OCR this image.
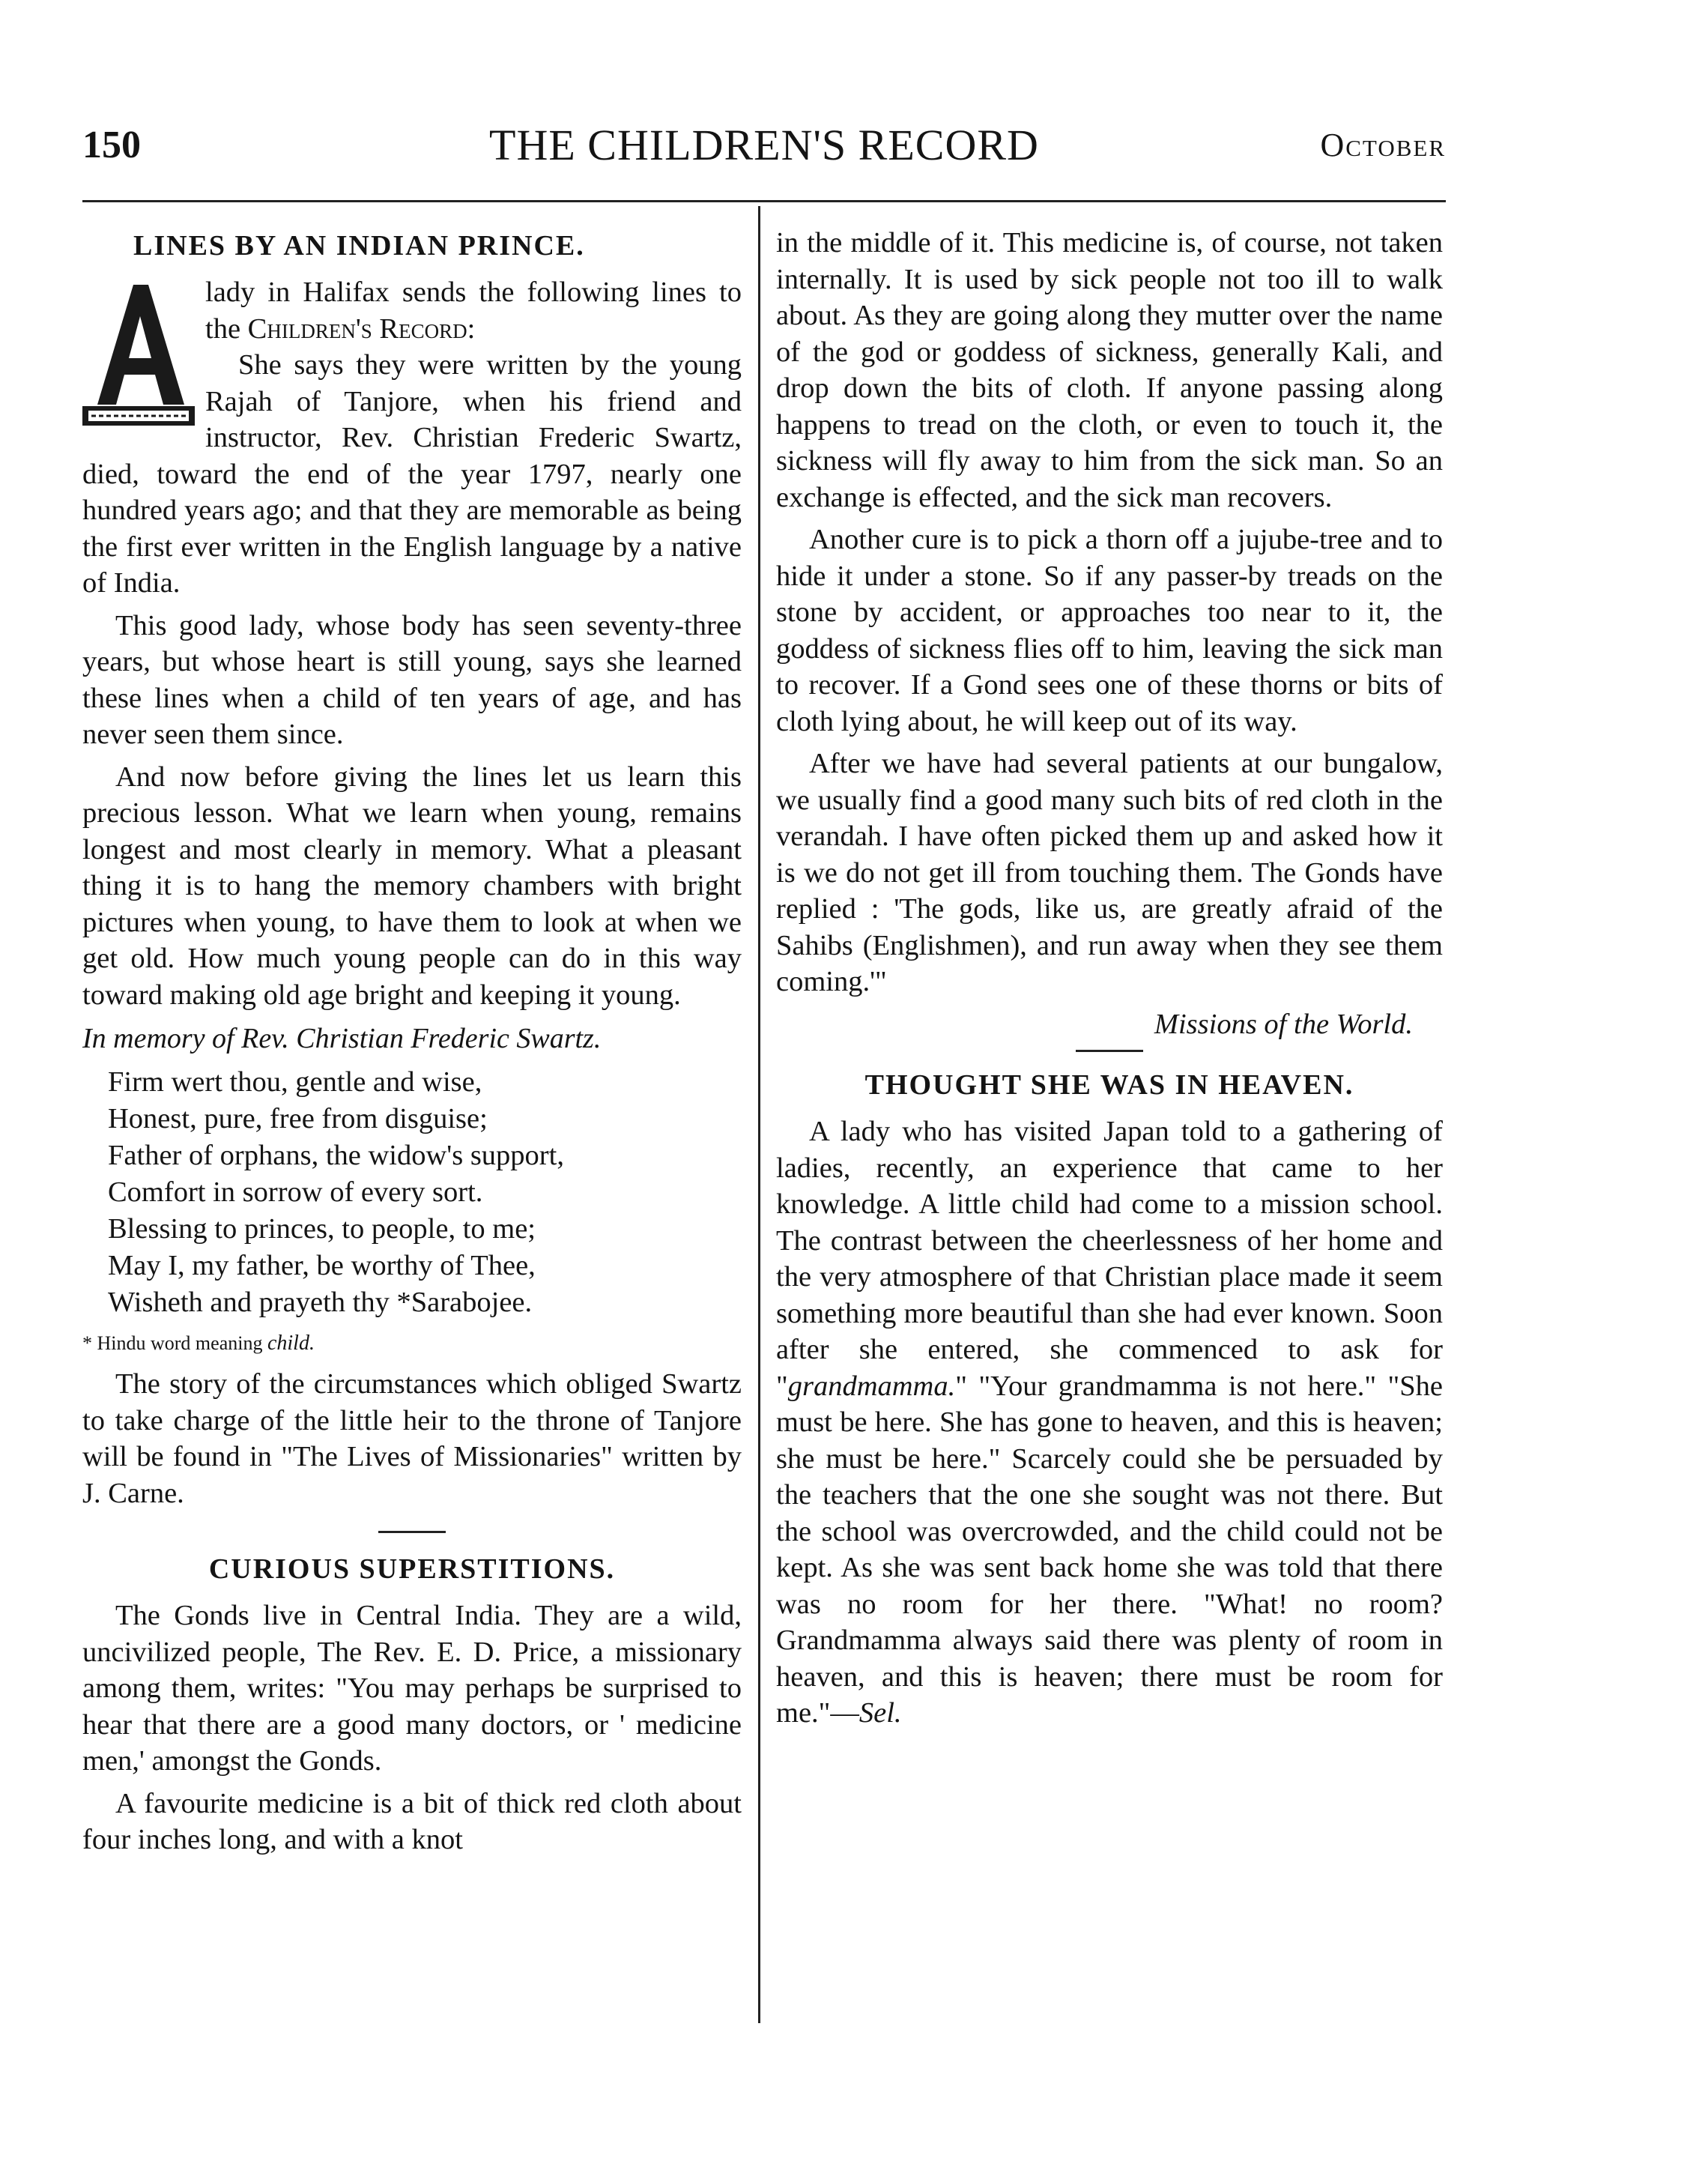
150	THE CHILDREN'S RECORD	October
LINES BY AN INDIAN PRINCE.

A
lady in Halifax sends the following lines to the Children's Record:
She says they were written by the young Rajah of Tanjore, when his friend and instructor, Rev. Christian Frederic Swartz, died, toward the end of the year 1797, nearly one hundred years ago; and that they are memorable as being the first ever written in the English language by a native of India.

This good lady, whose body has seen seventy-three years, but whose heart is still young, says she learned these lines when a child of ten years of age, and has never seen them since.

And now before giving the lines let us learn this precious lesson. What we learn when young, remains longest and most clearly in memory. What a pleasant thing it is to hang the memory chambers with bright pictures when young, to have them to look at when we get old. How much young people can do in this way toward making old age bright and keeping it young.

In memory of Rev. Christian Frederic Swartz.
Firm wert thou, gentle and wise,
Honest, pure, free from disguise;
Father of orphans, the widow's support,
Comfort in sorrow of every sort.
Blessing to princes, to people, to me;
May I, my father, be worthy of Thee,
Wisheth and prayeth thy *Sarabojee.
* Hindu word meaning child.

The story of the circumstances which obliged Swartz to take charge of the little heir to the throne of Tanjore will be found in "The Lives of Missionaries" written by J. Carne.

CURIOUS SUPERSTITIONS.

The Gonds live in Central India. They are a wild, uncivilized people, The Rev. E. D. Price, a missionary among them, writes: "You may perhaps be surprised to hear that there are a good many doctors, or ' medicine men,' amongst the Gonds.

A favourite medicine is a bit of thick red cloth about four inches long, and with a knot

in the middle of it. This medicine is, of course, not taken internally. It is used by sick people not too ill to walk about. As they are going along they mutter over the name of the god or goddess of sickness, generally Kali, and drop down the bits of cloth. If anyone passing along happens to tread on the cloth, or even to touch it, the sickness will fly away to him from the sick man. So an exchange is effected, and the sick man recovers.

Another cure is to pick a thorn off a jujube-tree and to hide it under a stone. So if any passer-by treads on the stone by accident, or approaches too near to it, the goddess of sickness flies off to him, leaving the sick man to recover. If a Gond sees one of these thorns or bits of cloth lying about, he will keep out of its way.

After we have had several patients at our bungalow, we usually find a good many such bits of red cloth in the verandah. I have often picked them up and asked how it is we do not get ill from touching them. The Gonds have replied : 'The gods, like us, are greatly afraid of the Sahibs (Englishmen), and run away when they see them coming.'"

Missions of the World.

THOUGHT SHE WAS IN HEAVEN.

A lady who has visited Japan told to a gathering of ladies, recently, an experience that came to her knowledge. A little child had come to a mission school. The contrast between the cheerlessness of her home and the very atmosphere of that Christian place made it seem something more beautiful than she had ever known. Soon after she entered, she commenced to ask for "grandmamma." "Your grandmamma is not here." "She must be here. She has gone to heaven, and this is heaven; she must be here." Scarcely could she be persuaded by the teachers that the one she sought was not there. But the school was overcrowded, and the child could not be kept. As she was sent back home she was told that there was no room for her there. "What! no room? Grandmamma always said there was plenty of room in heaven, and this is heaven; there must be room for me."—Sel.
